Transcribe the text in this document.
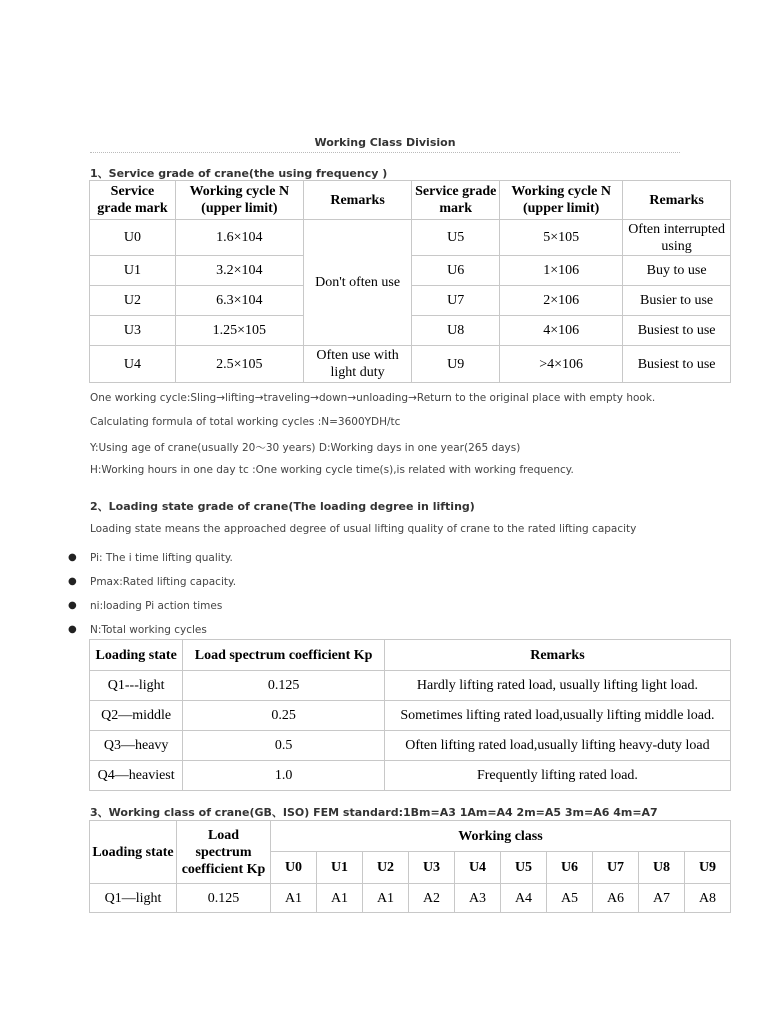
Working Class Division
1、Service grade of crane(the using frequency )
Service grade mark	Working cycle N (upper limit)	Remarks	Service grade mark	Working cycle N (upper limit)	Remarks
U0	1.6×104	Don't often use	U5	5×105	Often interrupted using
U1	3.2×104		U6	1×106	Buy to use
U2	6.3×104		U7	2×106	Busier to use
U3	1.25×105		U8	4×106	Busiest to use
U4	2.5×105	Often use with light duty	U9	>4×106	Busiest to use
One working cycle:Sling→lifting→traveling→down→unloading→Return to the original place with empty hook.
Calculating formula of total working cycles :N=3600YDH/tc
Y:Using age of crane(usually 20～30 years) D:Working days in one year(265 days)
H:Working hours in one day tc :One working cycle time(s),is related with working frequency.
2、Loading state grade of crane(The loading degree in lifting)
Loading state means the approached degree of usual lifting quality of crane to the rated lifting capacity
● Pi: The i time lifting quality.
● Pmax:Rated lifting capacity.
● ni:loading Pi action times
● N:Total working cycles
Loading state	Load spectrum coefficient Kp	Remarks
Q1---light	0.125	Hardly lifting rated load, usually lifting light load.
Q2—middle	0.25	Sometimes lifting rated load,usually lifting middle load.
Q3—heavy	0.5	Often lifting rated load,usually lifting heavy-duty load
Q4—heaviest	1.0	Frequently lifting rated load.
3、Working class of crane(GB、ISO) FEM standard:1Bm=A3 1Am=A4 2m=A5 3m=A6 4m=A7
Loading state	Load spectrum coefficient Kp	Working class									
		U0	U1	U2	U3	U4	U5	U6	U7	U8	U9
Q1—light	0.125	A1	A1	A1	A2	A3	A4	A5	A6	A7	A8
